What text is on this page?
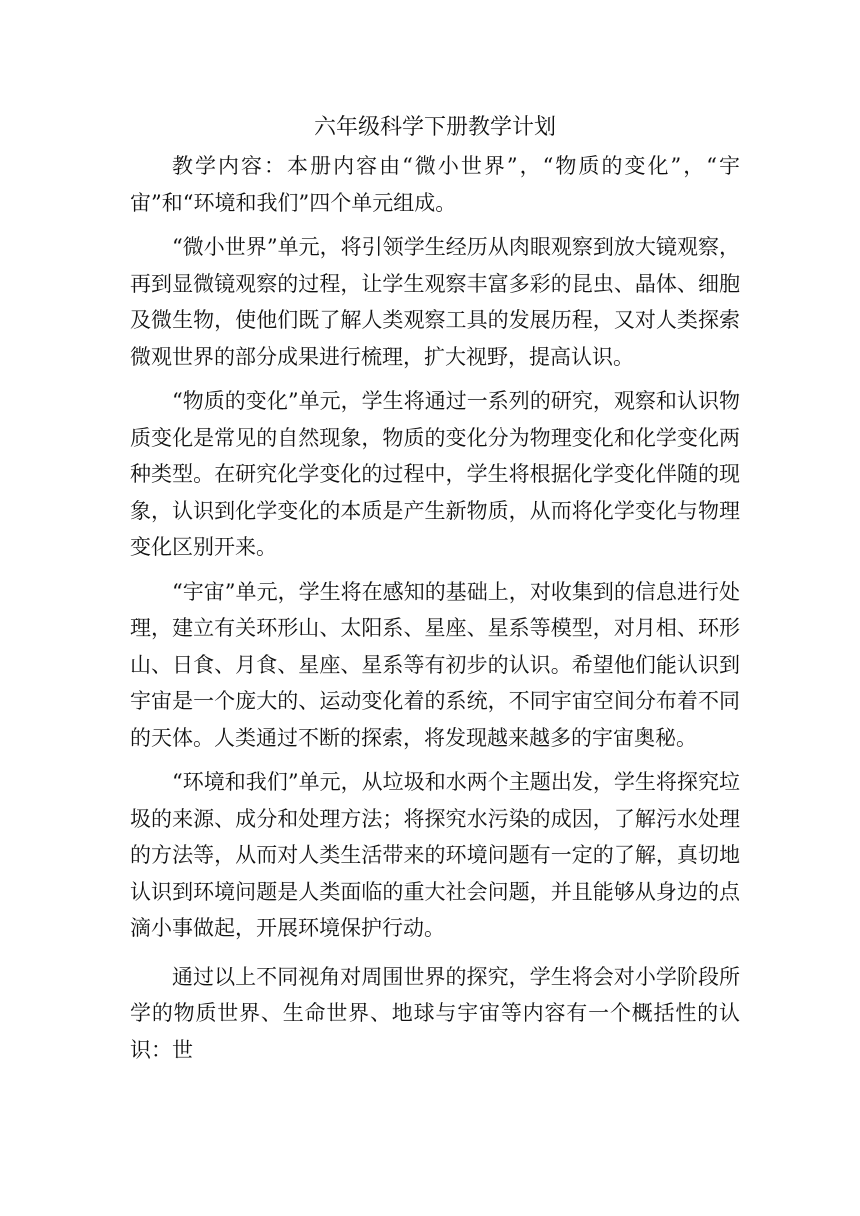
六年级科学下册教学计划

教学内容：本册内容由“微小世界”，“物质的变化”，“宇宙”和“环境和我们”四个单元组成。

“微小世界”单元，将引领学生经历从肉眼观察到放大镜观察，再到显微镜观察的过程，让学生观察丰富多彩的昆虫、晶体、细胞及微生物，使他们既了解人类观察工具的发展历程，又对人类探索微观世界的部分成果进行梳理，扩大视野，提高认识。

“物质的变化”单元，学生将通过一系列的研究，观察和认识物质变化是常见的自然现象，物质的变化分为物理变化和化学变化两种类型。在研究化学变化的过程中，学生将根据化学变化伴随的现象，认识到化学变化的本质是产生新物质，从而将化学变化与物理变化区别开来。

“宇宙”单元，学生将在感知的基础上，对收集到的信息进行处理，建立有关环形山、太阳系、星座、星系等模型，对月相、环形山、日食、月食、星座、星系等有初步的认识。希望他们能认识到宇宙是一个庞大的、运动变化着的系统，不同宇宙空间分布着不同的天体。人类通过不断的探索，将发现越来越多的宇宙奥秘。

“环境和我们”单元，从垃圾和水两个主题出发，学生将探究垃圾的来源、成分和处理方法；将探究水污染的成因，了解污水处理的方法等，从而对人类生活带来的环境问题有一定的了解，真切地认识到环境问题是人类面临的重大社会问题，并且能够从身边的点滴小事做起，开展环境保护行动。

通过以上不同视角对周围世界的探究，学生将会对小学阶段所学的物质世界、生命世界、地球与宇宙等内容有一个概括性的认识：世
